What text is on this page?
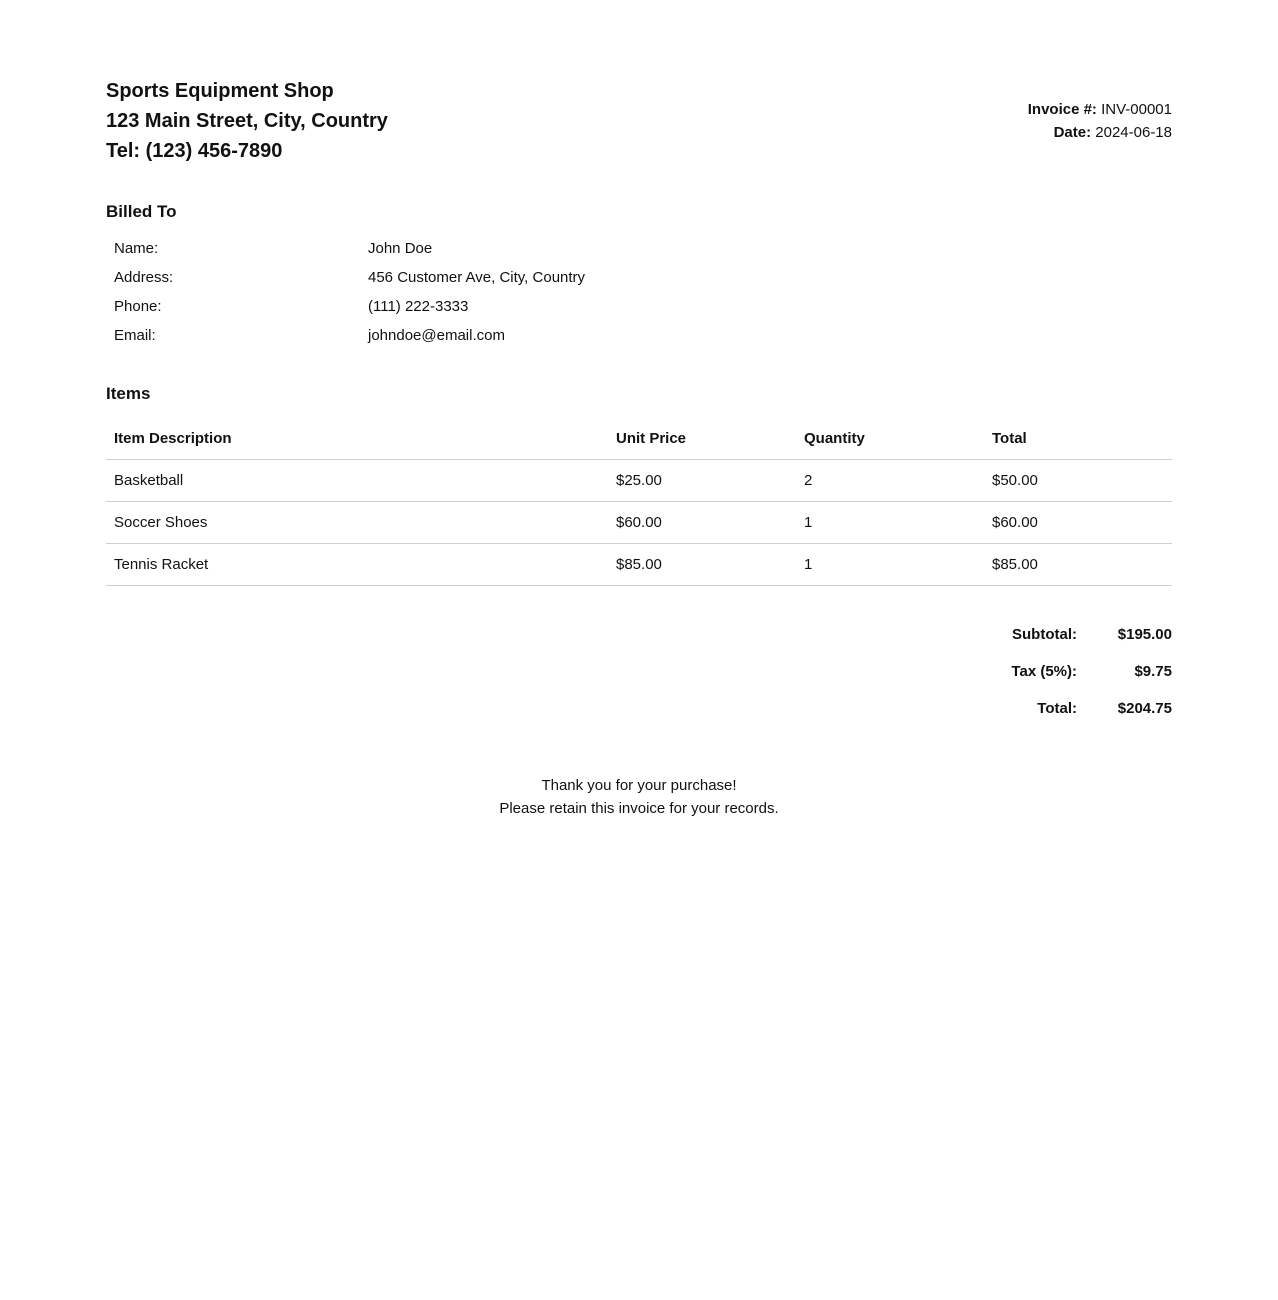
Sports Equipment Shop
123 Main Street, City, Country
Tel: (123) 456-7890
Invoice #: INV-00001
Date: 2024-06-18
Billed To
Name:	John Doe
Address:	456 Customer Ave, City, Country
Phone:	(111) 222-3333
Email:	johndoe@email.com
Items
Item Description	Unit Price	Quantity	Total
Basketball	$25.00	2	$50.00
Soccer Shoes	$60.00	1	$60.00
Tennis Racket	$85.00	1	$85.00
Subtotal:	$195.00
Tax (5%):	$9.75
Total:	$204.75
Thank you for your purchase!
Please retain this invoice for your records.
